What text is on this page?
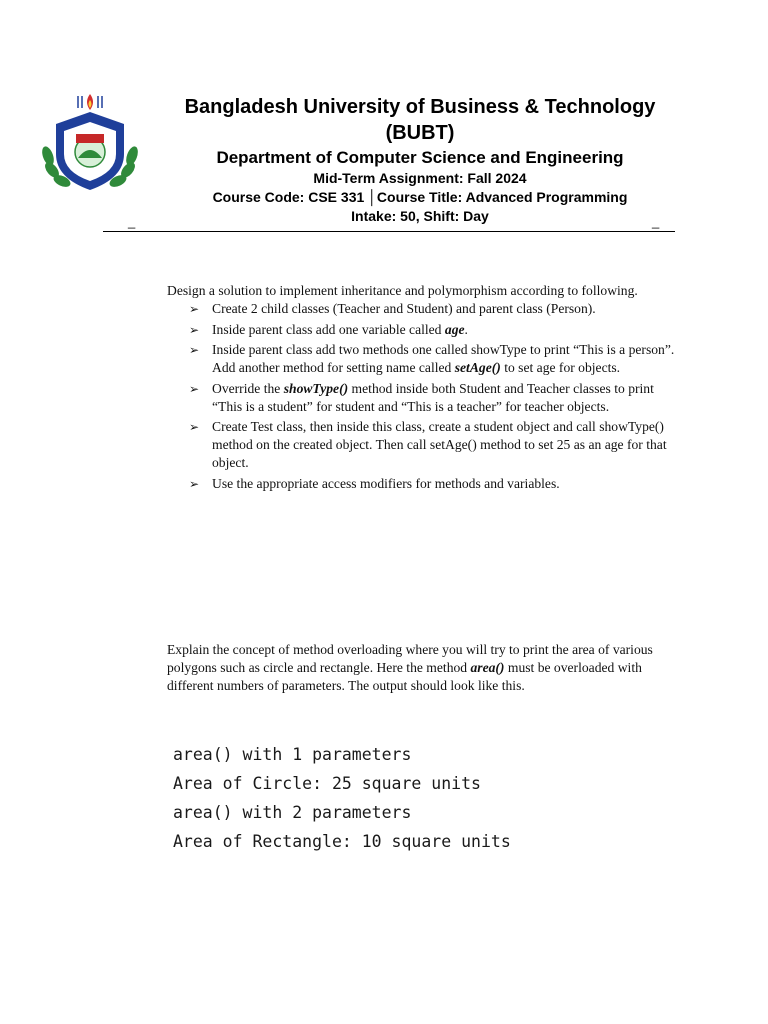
Bangladesh University of Business & Technology (BUBT)
Department of Computer Science and Engineering
Mid-Term Assignment: Fall 2024
Course Code: CSE 331 │Course Title: Advanced Programming
Intake: 50, Shift: Day
_	_
Design a solution to implement inheritance and polymorphism according to following.
➢ Create 2 child classes (Teacher and Student) and parent class (Person).
➢ Inside parent class add one variable called age.
➢ Inside parent class add two methods one called showType to print “This is a person”. Add another method for setting name called setAge() to set age for objects.
➢ Override the showType() method inside both Student and Teacher classes to print “This is a student” for student and “This is a teacher” for teacher objects.
➢ Create Test class, then inside this class, create a student object and call showType() method on the created object. Then call setAge() method to set 25 as an age for that object.
➢ Use the appropriate access modifiers for methods and variables.
Explain the concept of method overloading where you will try to print the area of various polygons such as circle and rectangle. Here the method area() must be overloaded with different numbers of parameters. The output should look like this.
area() with 1 parameters
Area of Circle: 25 square units
area() with 2 parameters
Area of Rectangle: 10 square units
